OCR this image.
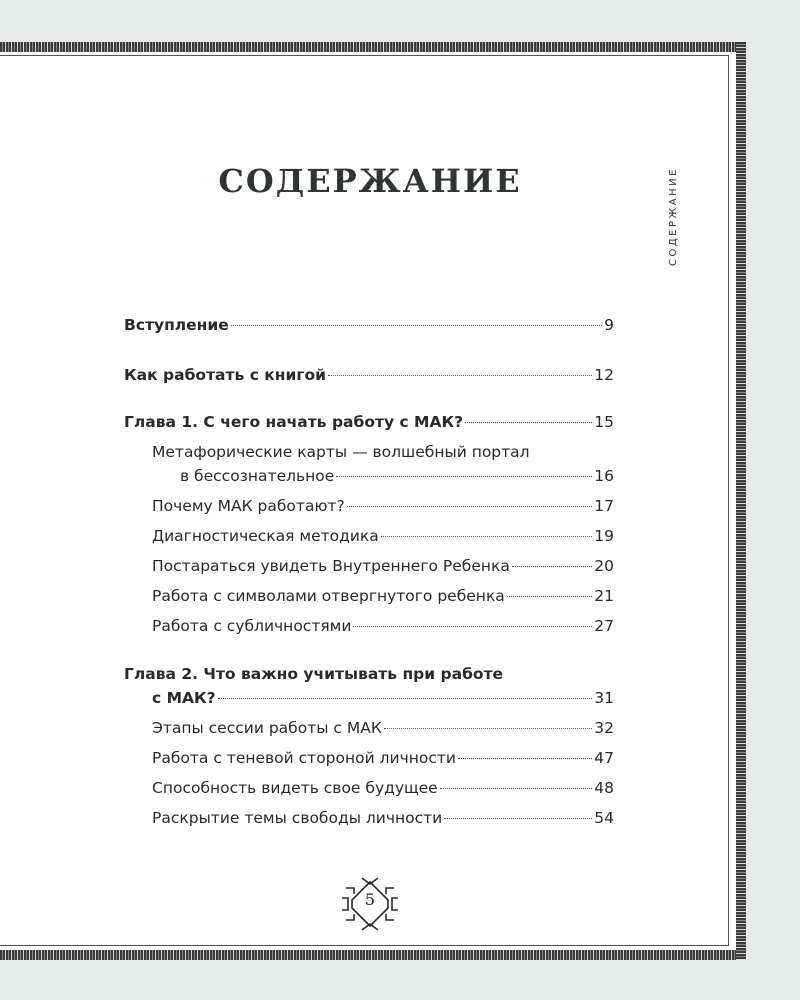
СОДЕРЖАНИЕ	СОДЕРЖАНИЕ
Вступление	9
Как работать с книгой	12
Глава 1. С чего начать работу с МАК?	15
Метафорические карты — волшебный портал
в бессознательное	16
Почему МАК работают?	17
Диагностическая методика	19
Постараться увидеть Внутреннего Ребенка	20
Работа с символами отвергнутого ребенка	21
Работа с субличностями	27
Глава 2. Что важно учитывать при работе
с МАК?	31
Этапы сессии работы с МАК	32
Работа с теневой стороной личности	47
Способность видеть свое будущее	48
Раскрытие темы свободы личности	54
5
